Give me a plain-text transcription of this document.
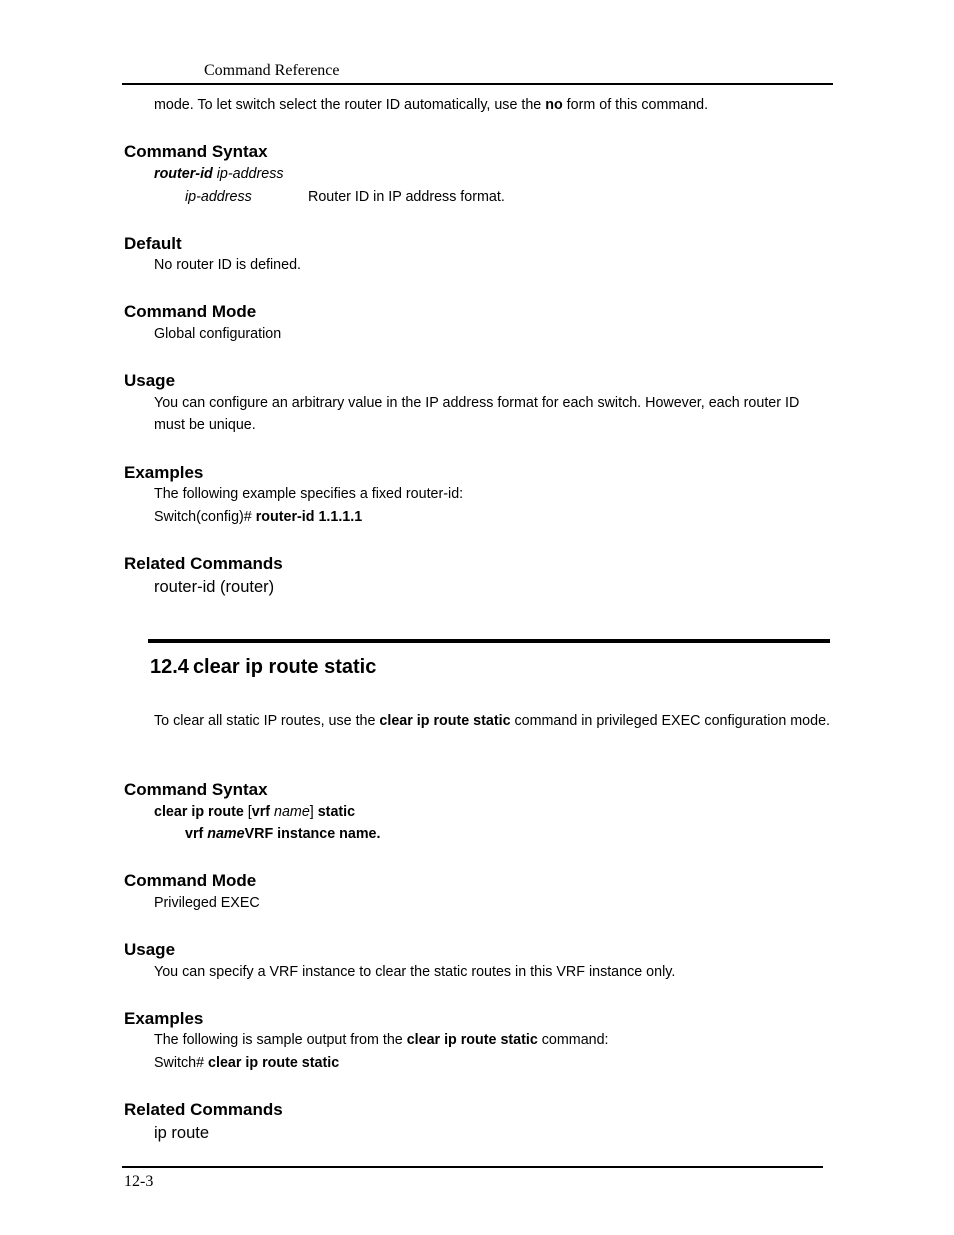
Command Reference
mode. To let switch select the router ID automatically, use the no form of this command.
Command Syntax
router-id ip-address
ip-address	Router ID in IP address format.
Default
No router ID is defined.
Command Mode
Global configuration
Usage
You can configure an arbitrary value in the IP address format for each switch. However, each router ID must be unique.
Examples
The following example specifies a fixed router-id:
Switch(config)# router-id 1.1.1.1
Related Commands
router-id (router)
12.4 clear ip route static
To clear all static IP routes, use the clear ip route static command in privileged EXEC configuration mode.
Command Syntax
clear ip route [vrf name] static
vrf nameVRF instance name.
Command Mode
Privileged EXEC
Usage
You can specify a VRF instance to clear the static routes in this VRF instance only.
Examples
The following is sample output from the clear ip route static command:
Switch# clear ip route static
Related Commands
ip route
12-3
